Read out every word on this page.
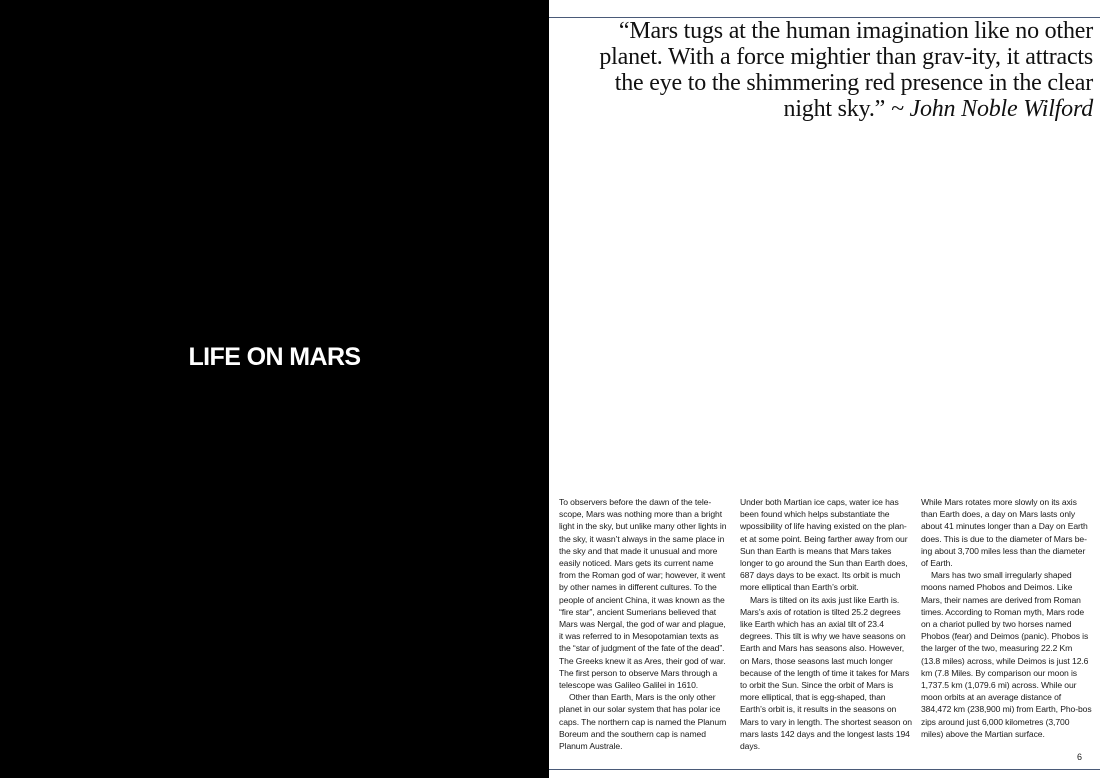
LIFE ON MARS

“Mars tugs at the human imagination like no other planet. With a force mightier than grav-ity, it attracts the eye to the shimmering red presence in the clear night sky.” ~ John Noble Wilford

To observers before the dawn of the tele-scope, Mars was nothing more than a bright light in the sky, but unlike many other lights in the sky, it wasn’t always in the same place in the sky and that made it unusual and more easily noticed. Mars gets its current name from the Roman god of war; however, it went by other names in different cultures. To the people of ancient China, it was known as the “fire star”, ancient Sumerians believed that Mars was Nergal, the god of war and plague, it was referred to in Mesopotamian texts as the “star of judgment of the fate of the dead”. The Greeks knew it as Ares, their god of war. The first person to observe Mars through a telescope was Galileo Galilei in 1610.

Other than Earth, Mars is the only other planet in our solar system that has polar ice caps. The northern cap is named the Planum Boreum and the southern cap is named Planum Australe.

Under both Martian ice caps, water ice has been found which helps substantiate the wpossibility of life having existed on the plan-et at some point. Being farther away from our Sun than Earth is means that Mars takes longer to go around the Sun than Earth does, 687 days days to be exact. Its orbit is much more elliptical than Earth’s orbit.

Mars is tilted on its axis just like Earth is. Mars’s axis of rotation is tilted 25.2 degrees like Earth which has an axial tilt of 23.4 degrees. This tilt is why we have seasons on Earth and Mars has seasons also. However, on Mars, those seasons last much longer because of the length of time it takes for Mars to orbit the Sun. Since the orbit of Mars is more elliptical, that is egg-shaped, than Earth’s orbit is, it results in the seasons on Mars to vary in length. The shortest season on mars lasts 142 days and the longest lasts 194 days.

While Mars rotates more slowly on its axis than Earth does, a day on Mars lasts only about 41 minutes longer than a Day on Earth does. This is due to the diameter of Mars be-ing about 3,700 miles less than the diameter of Earth.

Mars has two small irregularly shaped moons named Phobos and Deimos. Like Mars, their names are derived from Roman times. According to Roman myth, Mars rode on a chariot pulled by two horses named Phobos (fear) and Deimos (panic). Phobos is the larger of the two, measuring 22.2 Km (13.8 miles) across, while Deimos is just 12.6 km (7.8 Miles. By comparison our moon is 1,737.5 km (1,079.6 mi) across. While our moon orbits at an average distance of 384,472 km (238,900 mi) from Earth, Pho-bos zips around just 6,000 kilometres (3,700 miles) above the Martian surface.

6
